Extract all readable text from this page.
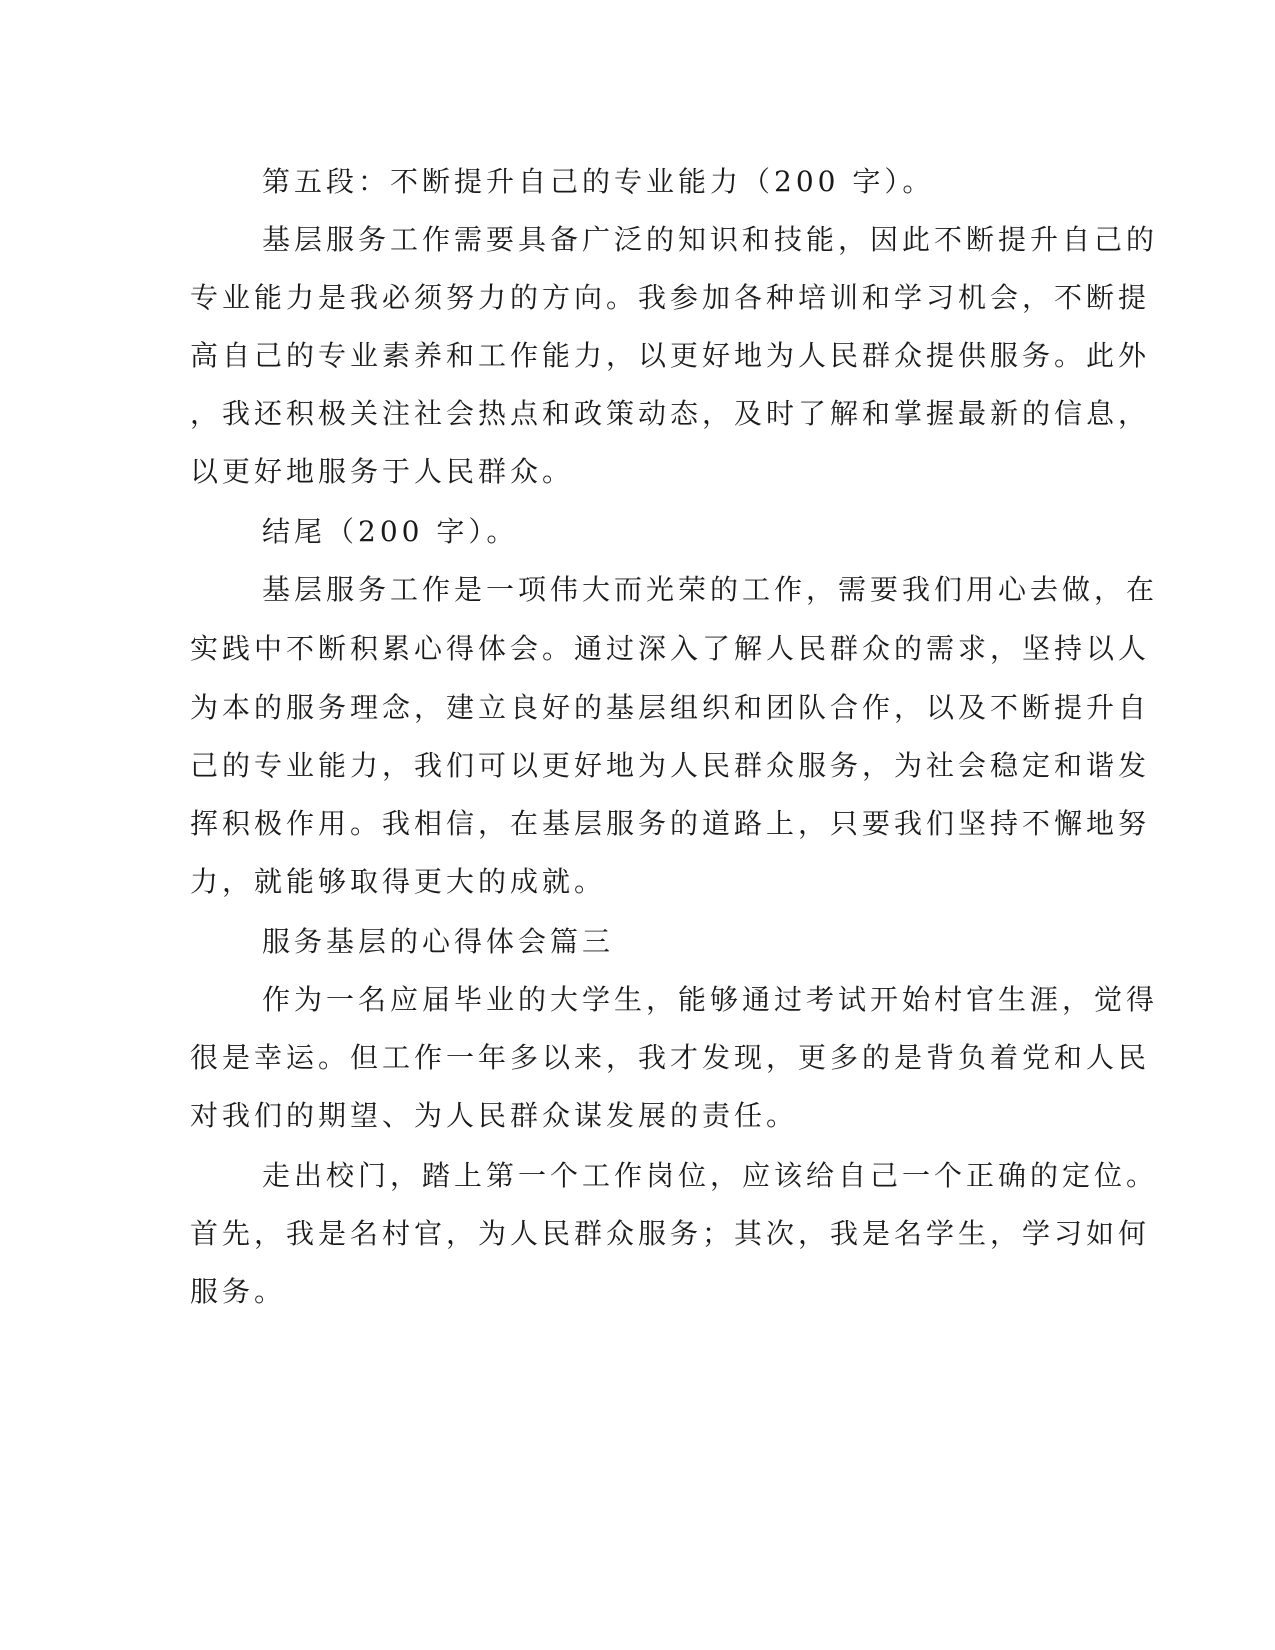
第五段：不断提升自己的专业能力（200 字）。
基层服务工作需要具备广泛的知识和技能，因此不断提升自己的
专业能力是我必须努力的方向。我参加各种培训和学习机会，不断提
高自己的专业素养和工作能力，以更好地为人民群众提供服务。此外
，我还积极关注社会热点和政策动态，及时了解和掌握最新的信息，
以更好地服务于人民群众。
结尾（200 字）。
基层服务工作是一项伟大而光荣的工作，需要我们用心去做，在
实践中不断积累心得体会。通过深入了解人民群众的需求，坚持以人
为本的服务理念，建立良好的基层组织和团队合作，以及不断提升自
己的专业能力，我们可以更好地为人民群众服务，为社会稳定和谐发
挥积极作用。我相信，在基层服务的道路上，只要我们坚持不懈地努
力，就能够取得更大的成就。
服务基层的心得体会篇三
作为一名应届毕业的大学生，能够通过考试开始村官生涯，觉得
很是幸运。但工作一年多以来，我才发现，更多的是背负着党和人民
对我们的期望、为人民群众谋发展的责任。
走出校门，踏上第一个工作岗位，应该给自己一个正确的定位。
首先，我是名村官，为人民群众服务；其次，我是名学生，学习如何
服务。
